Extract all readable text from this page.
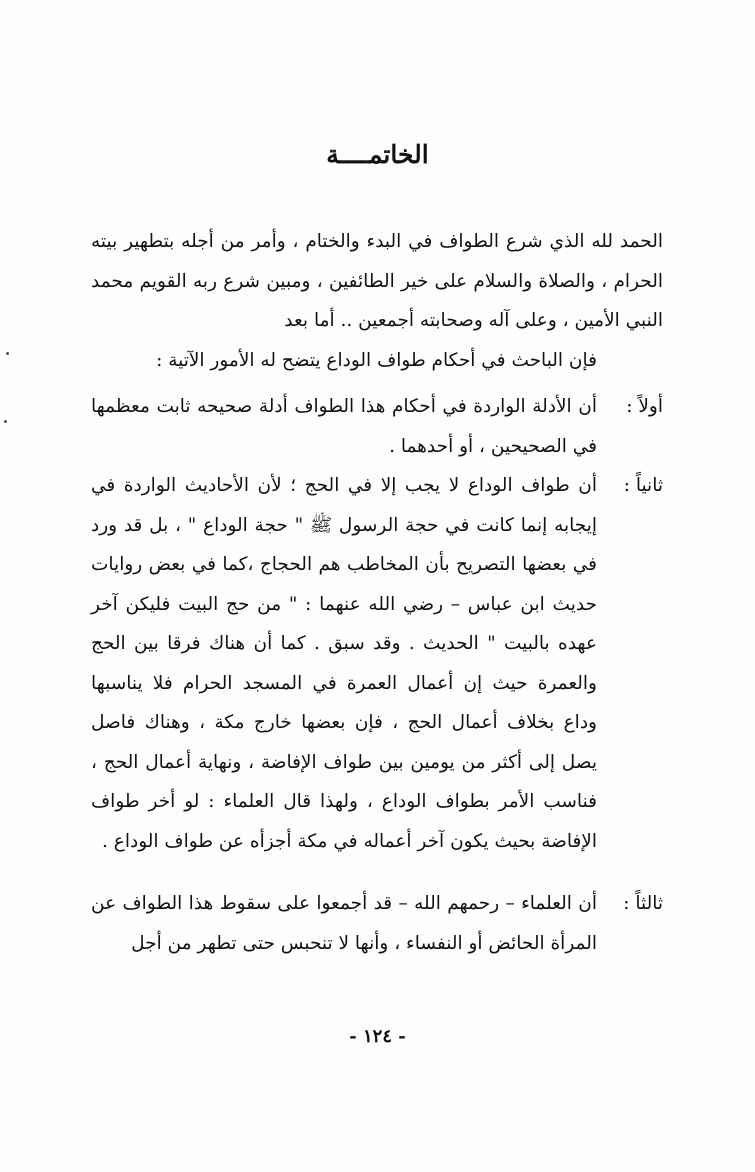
الخاتمــــة

الحمد لله الذي شرع الطواف في البدء والختام ، وأمر من أجله بتطهير بيته الحرام ، والصلاة والسلام على خير الطائفين ، ومبين شرع ربه القويم محمد النبي الأمين ، وعلى آله وصحابته أجمعين .. أما بعد

فإن الباحث في أحكام طواف الوداع يتضح له الأمور الآتية :

أولاً :
أن الأدلة الواردة في أحكام هذا الطواف أدلة صحيحه ثابت معظمها في الصحيحين ، أو أحدهما .
ثانياً :
أن طواف الوداع لا يجب إلا في الحج ؛ لأن الأحاديث الواردة في إيجابه إنما كانت في حجة الرسول ﷺ " حجة الوداع " ، بل قد ورد في بعضها التصريح بأن المخاطب هم الحجاج ،كما في بعض روايات حديث ابن عباس – رضي الله عنهما : " من حج البيت فليكن آخر عهده بالبيت " الحديث . وقد سبق . كما أن هناك فرقا بين الحج والعمرة حيث إن أعمال العمرة في المسجد الحرام فلا يناسبها وداع بخلاف أعمال الحج ، فإن بعضها خارج مكة ، وهناك فاصل يصل إلى أكثر من يومين بين طواف الإفاضة ، ونهاية أعمال الحج ، فناسب الأمر بطواف الوداع ، ولهذا قال العلماء : لو أخر طواف الإفاضة بحيث يكون آخر أعماله في مكة أجزأه عن طواف الوداع .
ثالثاً :
أن العلماء – رحمهم الله – قد أجمعوا على سقوط هذا الطواف عن المرأة الحائض أو النفساء ، وأنها لا تنحبس حتى تطهر من أجل
- ١٢٤ -
